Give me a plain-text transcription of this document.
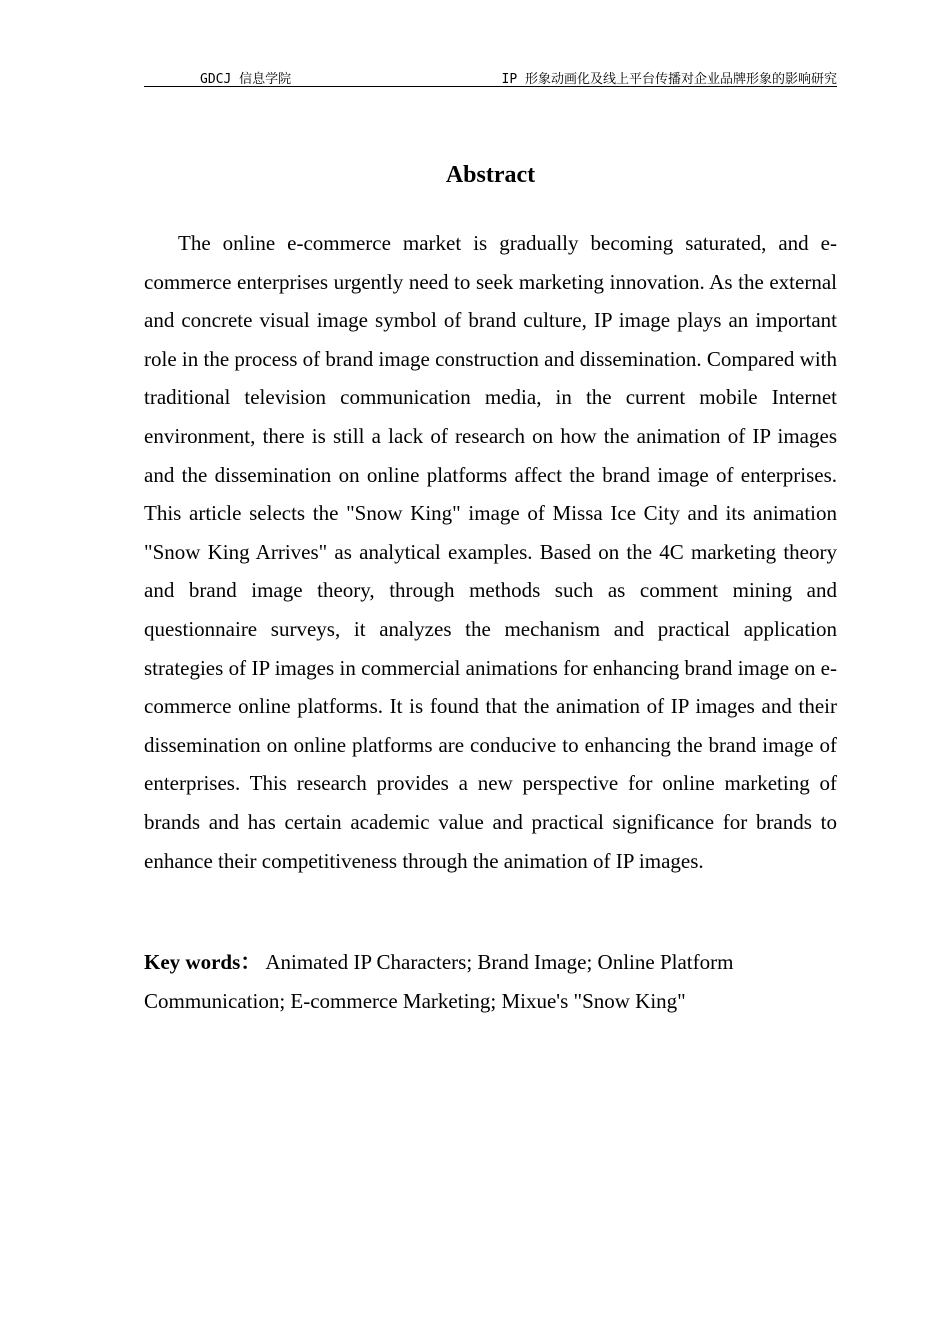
GDCJ 信息学院	IP 形象动画化及线上平台传播对企业品牌形象的影响研究
Abstract

The online e-commerce market is gradually becoming saturated, and e-commerce enterprises urgently need to seek marketing innovation. As the external and concrete visual image symbol of brand culture, IP image plays an important role in the process of brand image construction and dissemination. Compared with traditional television communication media, in the current mobile Internet environment, there is still a lack of research on how the animation of IP images and the dissemination on online platforms affect the brand image of enterprises. This article selects the "Snow King" image of Missa Ice City and its animation "Snow King Arrives" as analytical examples. Based on the 4C marketing theory and brand image theory, through methods such as comment mining and questionnaire surveys, it analyzes the mechanism and practical application strategies of IP images in commercial animations for enhancing brand image on e-commerce online platforms. It is found that the animation of IP images and their dissemination on online platforms are conducive to enhancing the brand image of enterprises. This research provides a new perspective for online marketing of brands and has certain academic value and practical significance for brands to enhance their competitiveness through the animation of IP images.

Key words： Animated IP Characters; Brand Image; Online Platform Communication; E-commerce Marketing; Mixue's "Snow King"
